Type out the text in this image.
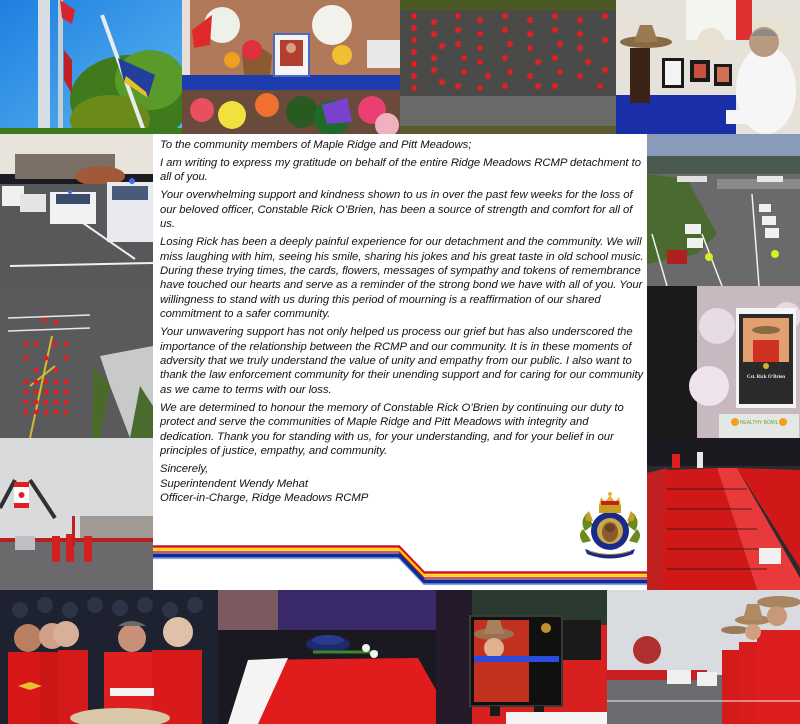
Cst. Rick O'Brien
HEALTHY BOWL

To the community members of Maple Ridge and Pitt Meadows;

I am writing to express my gratitude on behalf of the entire Ridge Meadows RCMP detachment to all of you.

Your overwhelming support and kindness shown to us in over the past few weeks for the loss of our beloved officer, Constable Rick O’Brien, has been a source of strength and comfort for all of us.

Losing Rick has been a deeply painful experience for our detachment and the community. We will miss laughing with him, seeing his smile, sharing his jokes and his great taste in old school music. During these trying times, the cards, flowers, messages of sympathy and tokens of remembrance have touched our hearts and serve as a reminder of the strong bond we have with all of you. Your willingness to stand with us during this period of mourning is a reaffirmation of our shared commitment to a safer community.

Your unwavering support has not only helped us process our grief but has also underscored the importance of the relationship between the RCMP and our community. It is in these moments of adversity that we truly understand the value of unity and empathy from our public. I also want to thank the law enforcement community for their unending support and for caring for our community as we came to terms with our loss.

We are determined to honour the memory of Constable Rick O’Brien by continuing our duty to protect and serve the communities of Maple Ridge and Pitt Meadows with integrity and dedication. Thank you for standing with us, for your understanding, and for your belief in our principles of justice, empathy, and community.

Sincerely,
Superintendent Wendy Mehat
Officer-in-Charge, Ridge Meadows RCMP
